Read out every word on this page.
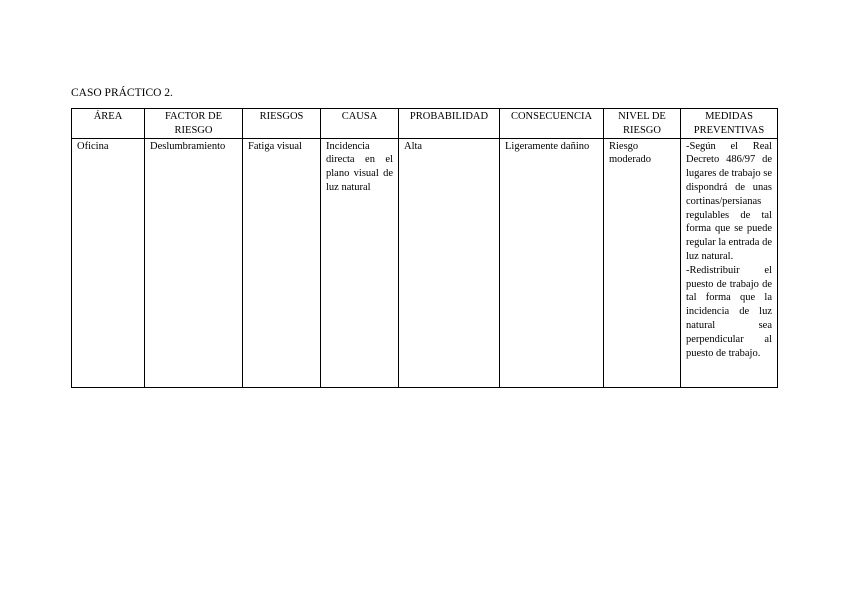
CASO PRÁCTICO 2.
ÁREA	FACTOR DE RIESGO	RIESGOS	CAUSA	PROBABILIDAD	CONSECUENCIA	NIVEL DE RIESGO	MEDIDAS PREVENTIVAS
Oficina	Deslumbramiento	Fatiga visual	Incidencia directa en el plano visual de luz natural	Alta	Ligeramente dañino	Riesgo moderado	-Según el Real Decreto 486/97 de lugares de trabajo se dispondrá de unas cortinas/persianas regulables de tal forma que se puede regular la entrada de luz natural.
-Redistribuir el puesto de trabajo de tal forma que la incidencia de luz natural sea perpendicular al puesto de trabajo.
